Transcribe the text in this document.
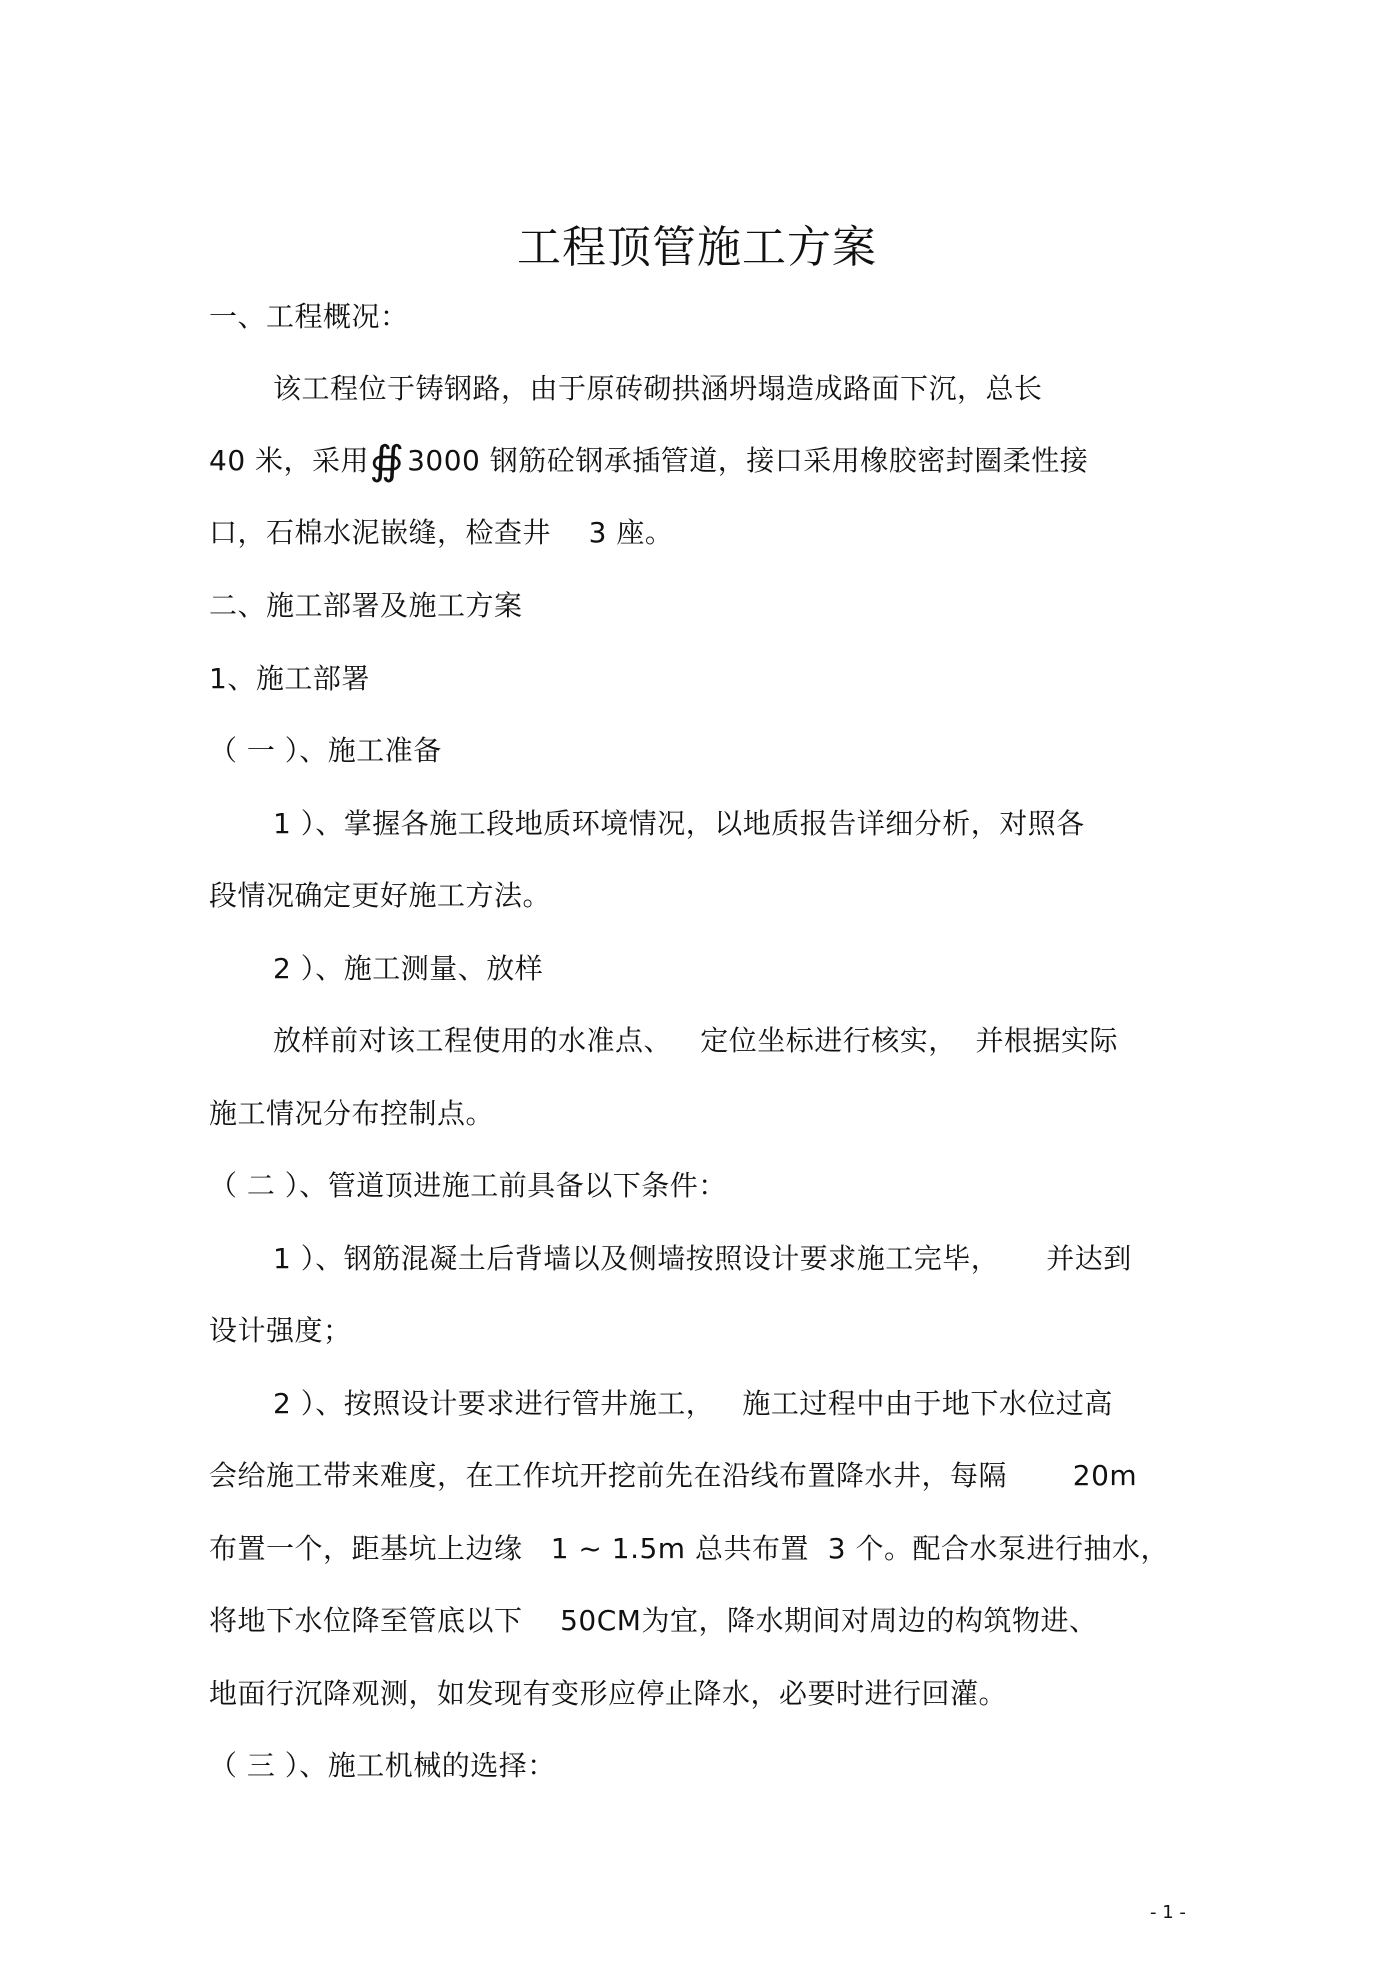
工程顶管施工方案
一、工程概况：
该工程位于铸钢路，由于原砖砌拱涵坍塌造成路面下沉，总长
40 米，采用∯3000 钢筋砼钢承插管道，接口采用橡胶密封圈柔性接
口，石棉水泥嵌缝，检查井    3 座。
二、施工部署及施工方案
1、施工部署
（ 一 ）、施工准备
1 ）、掌握各施工段地质环境情况，以地质报告详细分析，对照各
段情况确定更好施工方法。
2 ）、施工测量、放样
放样前对该工程使用的水准点、   定位坐标进行核实，  并根据实际
施工情况分布控制点。
（ 二 ）、管道顶进施工前具备以下条件：
1 ）、钢筋混凝土后背墙以及侧墙按照设计要求施工完毕，     并达到
设计强度；
2 ）、按照设计要求进行管井施工，   施工过程中由于地下水位过高
会给施工带来难度，在工作坑开挖前先在沿线布置降水井，每隔       20m
布置一个，距基坑上边缘   1 ~ 1.5m 总共布置  3 个。配合水泵进行抽水，
将地下水位降至管底以下    50CM为宜，降水期间对周边的构筑物进、
地面行沉降观测，如发现有变形应停止降水，必要时进行回灌。
（ 三 ）、施工机械的选择：
- 1 -
